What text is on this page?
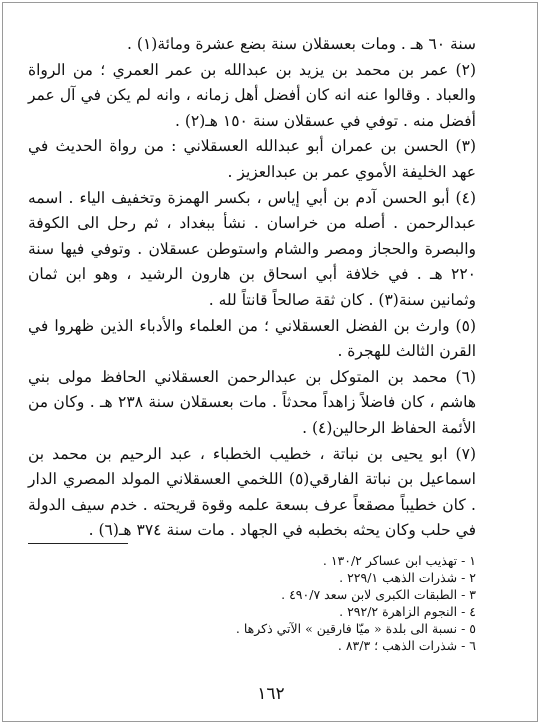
سنة ٦٠ هـ . ومات بعسقلان سنة بضع عشرة ومائة(١) .

(٢) عمر بن محمد بن يزيد بن عبدالله بن عمر العمري ؛ من الرواة والعباد . وقالوا عنه انه كان أفضل أهل زمانه ، وانه لم يكن في آل عمر أفضل منه . توفي في عسقلان سنة ١٥٠ هـ(٢) .

(٣) الحسن بن عمران أبو عبدالله العسقلاني : من رواة الحديث في عهد الخليفة الأموي عمر بن عبدالعزيز .

(٤) أبو الحسن آدم بن أبي إياس ، بكسر الهمزة وتخفيف الياء . اسمه عبدالرحمن . أصله من خراسان . نشأ ببغداد ، ثم رحل الى الكوفة والبصرة والحجاز ومصر والشام واستوطن عسقلان . وتوفي فيها سنة ٢٢٠ هـ . في خلافة أبي اسحاق بن هارون الرشيد ، وهو ابن ثمان وثمانين سنة(٣) . كان ثقة صالحاً قانتاً لله .

(٥) وارث بن الفضل العسقلاني ؛ من العلماء والأدباء الذين ظهروا في القرن الثالث للهجرة .

(٦) محمد بن المتوكل بن عبدالرحمن العسقلاني الحافظ مولى بني هاشم ، كان فاضلاً زاهداً محدثاً . مات بعسقلان سنة ٢٣٨ هـ . وكان من الأئمة الحفاظ الرحالين(٤) .

(٧) ابو يحيى بن نباتة ، خطيب الخطباء ، عبد الرحيم بن محمد بن اسماعيل بن نباتة الفارقي(٥) اللخمي العسقلاني المولد المصري الدار . كان خطيباً مصقعاً عرف بسعة علمه وقوة قريحته . خدم سيف الدولة في حلب وكان يحثه بخطبه في الجهاد . مات سنة ٣٧٤ هـ(٦) .

١ - تهذيب ابن عساكر ١٣٠/٢ .
٢ - شذرات الذهب ٢٢٩/١ .
٣ - الطبقات الكبرى لابن سعد ٤٩٠/٧ .
٤ - النجوم الزاهرة ٢٩٢/٢ .
٥ - نسبة الى بلدة « ميّا فارقين » الآتي ذكرها .
٦ - شذرات الذهب ؛ ٨٣/٣ .
١٦٢
